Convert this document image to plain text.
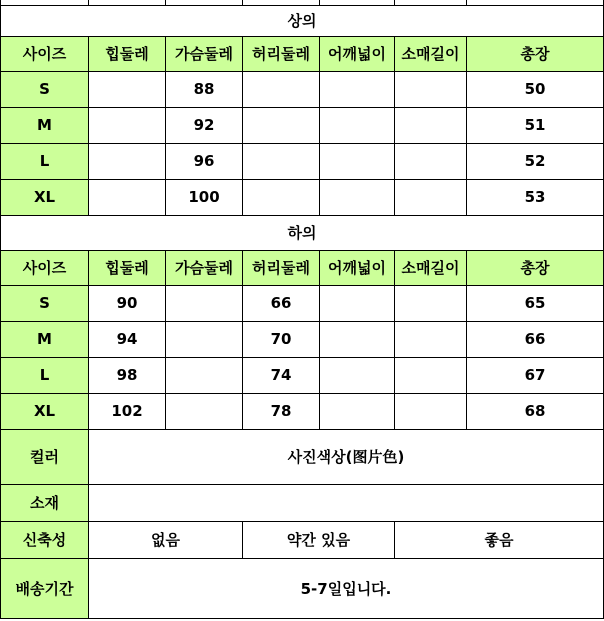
상의						
사이즈	힙둘레	가슴둘레	허리둘레	어깨넓이	소매길이	총장
S		88				50
M		92				51
L		96				52
XL		100				53
하의						
사이즈	힙둘레	가슴둘레	허리둘레	어깨넓이	소매길이	총장
S	90		66			65
M	94		70			66
L	98		74			67
XL	102		78			68
컬러	사진색상(图片色)					
소재						
신축성	없음		약간 있음		좋음	
배송기간	5-7일입니다.					
